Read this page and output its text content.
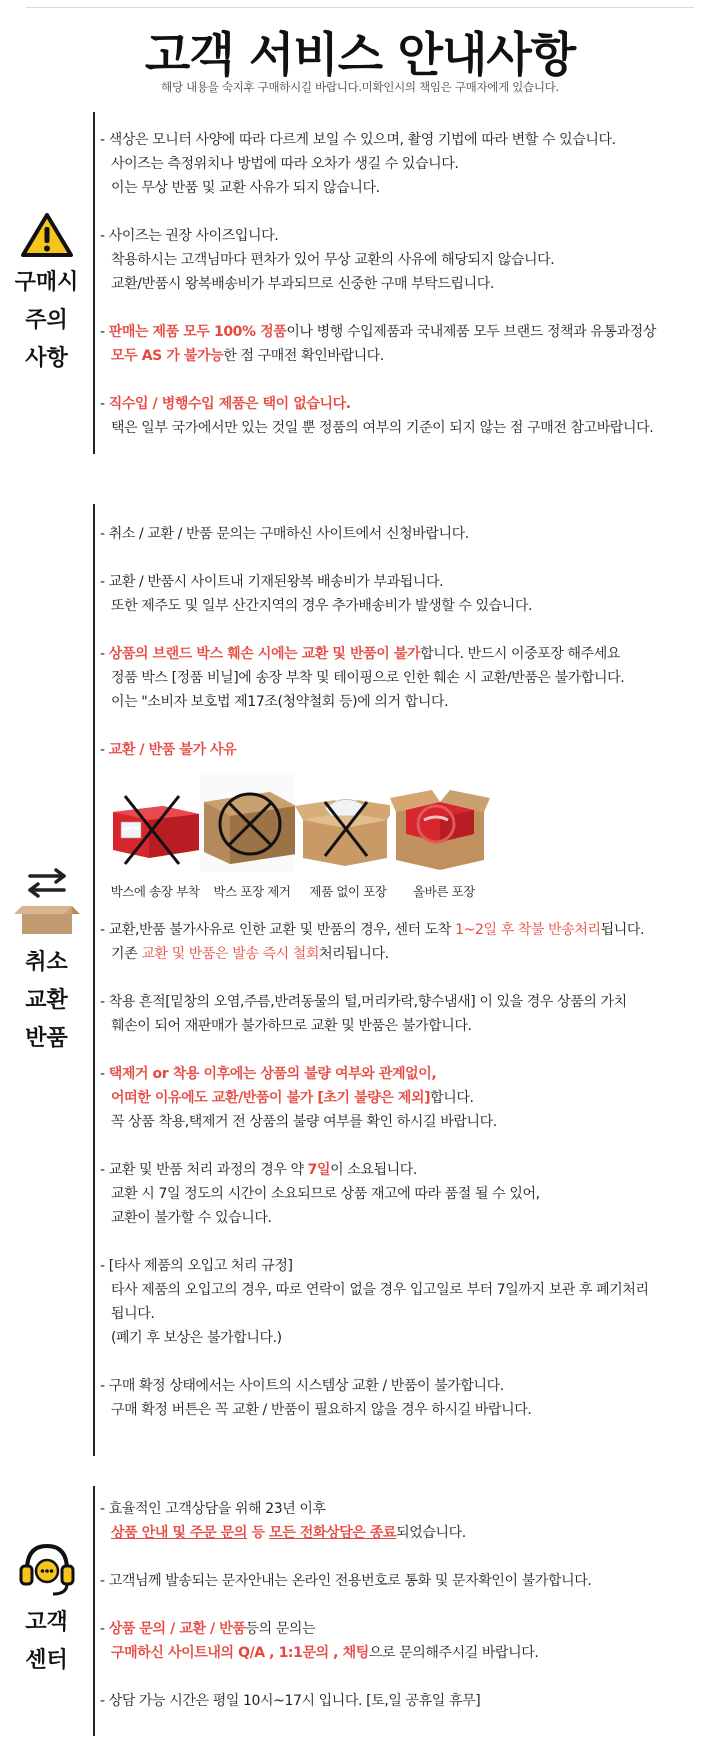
고객 서비스 안내사항
해당 내용을 숙지후 구매하시길 바랍니다.미확인시의 책임은 구매자에게 있습니다.
구매시
주의
사항
- 색상은 모니터 사양에 따라 다르게 보일 수 있으며, 촬영 기법에 따라 변할 수 있습니다.
사이즈는 측정위치나 방법에 따라 오차가 생길 수 있습니다.
이는 무상 반품 및 교환 사유가 되지 않습니다.
- 사이즈는 권장 사이즈입니다.
착용하시는 고객님마다 편차가 있어 무상 교환의 사유에 해당되지 않습니다.
교환/반품시 왕복배송비가 부과되므로 신중한 구매 부탁드립니다.
- 판매는 제품 모두 100% 정품이나 병행 수입제품과 국내제품 모두 브랜드 정책과 유통과정상
모두 AS 가 불가능한 점 구매전 확인바랍니다.
- 직수입 / 병행수입 제품은 택이 없습니다.
택은 일부 국가에서만 있는 것일 뿐 정품의 여부의 기준이 되지 않는 점 구매전 참고바랍니다.
취소
교환
반품
- 취소 / 교환 / 반품 문의는 구매하신 사이트에서 신청바랍니다.
- 교환 / 반품시 사이트내 기재된왕복 배송비가 부과됩니다.
또한 제주도 및 일부 산간지역의 경우 추가배송비가 발생할 수 있습니다.
- 상품의 브랜드 박스 훼손 시에는 교환 및 반품이 불가합니다. 반드시 이중포장 해주세요
정품 박스 [정품 비닐]에 송장 부착 및 테이핑으로 인한 훼손 시 교환/반품은 불가합니다.
이는 "소비자 보호법 제17조(청약철회 등)에 의거 합니다.
- 교환 / 반품 불가 사유
박스에 송장 부착	박스 포장 제거	제품 없이 포장	올바른 포장
- 교환,반품 불가사유로 인한 교환 및 반품의 경우, 센터 도착 1~2일 후 착불 반송처리됩니다.
기존 교환 및 반품은 발송 즉시 철회처리됩니다.
- 착용 흔적[밑창의 오염,주름,반려동물의 털,머리카락,향수냄새] 이 있을 경우 상품의 가치
훼손이 되어 재판매가 불가하므로 교환 및 반품은 불가합니다.
- 택제거 or 착용 이후에는 상품의 불량 여부와 관계없이,
어떠한 이유에도 교환/반품이 불가 [초기 불량은 제외]합니다.
꼭 상품 착용,택제거 전 상품의 불량 여부를 확인 하시길 바랍니다.
- 교환 및 반품 처리 과정의 경우 약 7일이 소요됩니다.
교환 시 7일 정도의 시간이 소요되므로 상품 재고에 따라 품절 될 수 있어,
교환이 불가할 수 있습니다.
- [타사 제품의 오입고 처리 규정]
타사 제품의 오입고의 경우, 따로 연락이 없을 경우 입고일로 부터 7일까지 보관 후 폐기처리
됩니다.
(폐기 후 보상은 불가합니다.)
- 구매 확정 상태에서는 사이트의 시스템상 교환 / 반품이 불가합니다.
구매 확정 버튼은 꼭 교환 / 반품이 필요하지 않을 경우 하시길 바랍니다.
고객
센터
- 효율적인 고객상담을 위해 23년 이후
상품 안내 및 주문 문의 등 모든 전화상담은 종료되었습니다.
- 고객님께 발송되는 문자안내는 온라인 전용번호로 통화 및 문자확인이 불가합니다.
- 상품 문의 / 교환 / 반품등의 문의는
구매하신 사이트내의 Q/A , 1:1문의 , 채팅으로 문의해주시길 바랍니다.
- 상담 가능 시간은 평일 10시~17시 입니다. [토,일 공휴일 휴무]
